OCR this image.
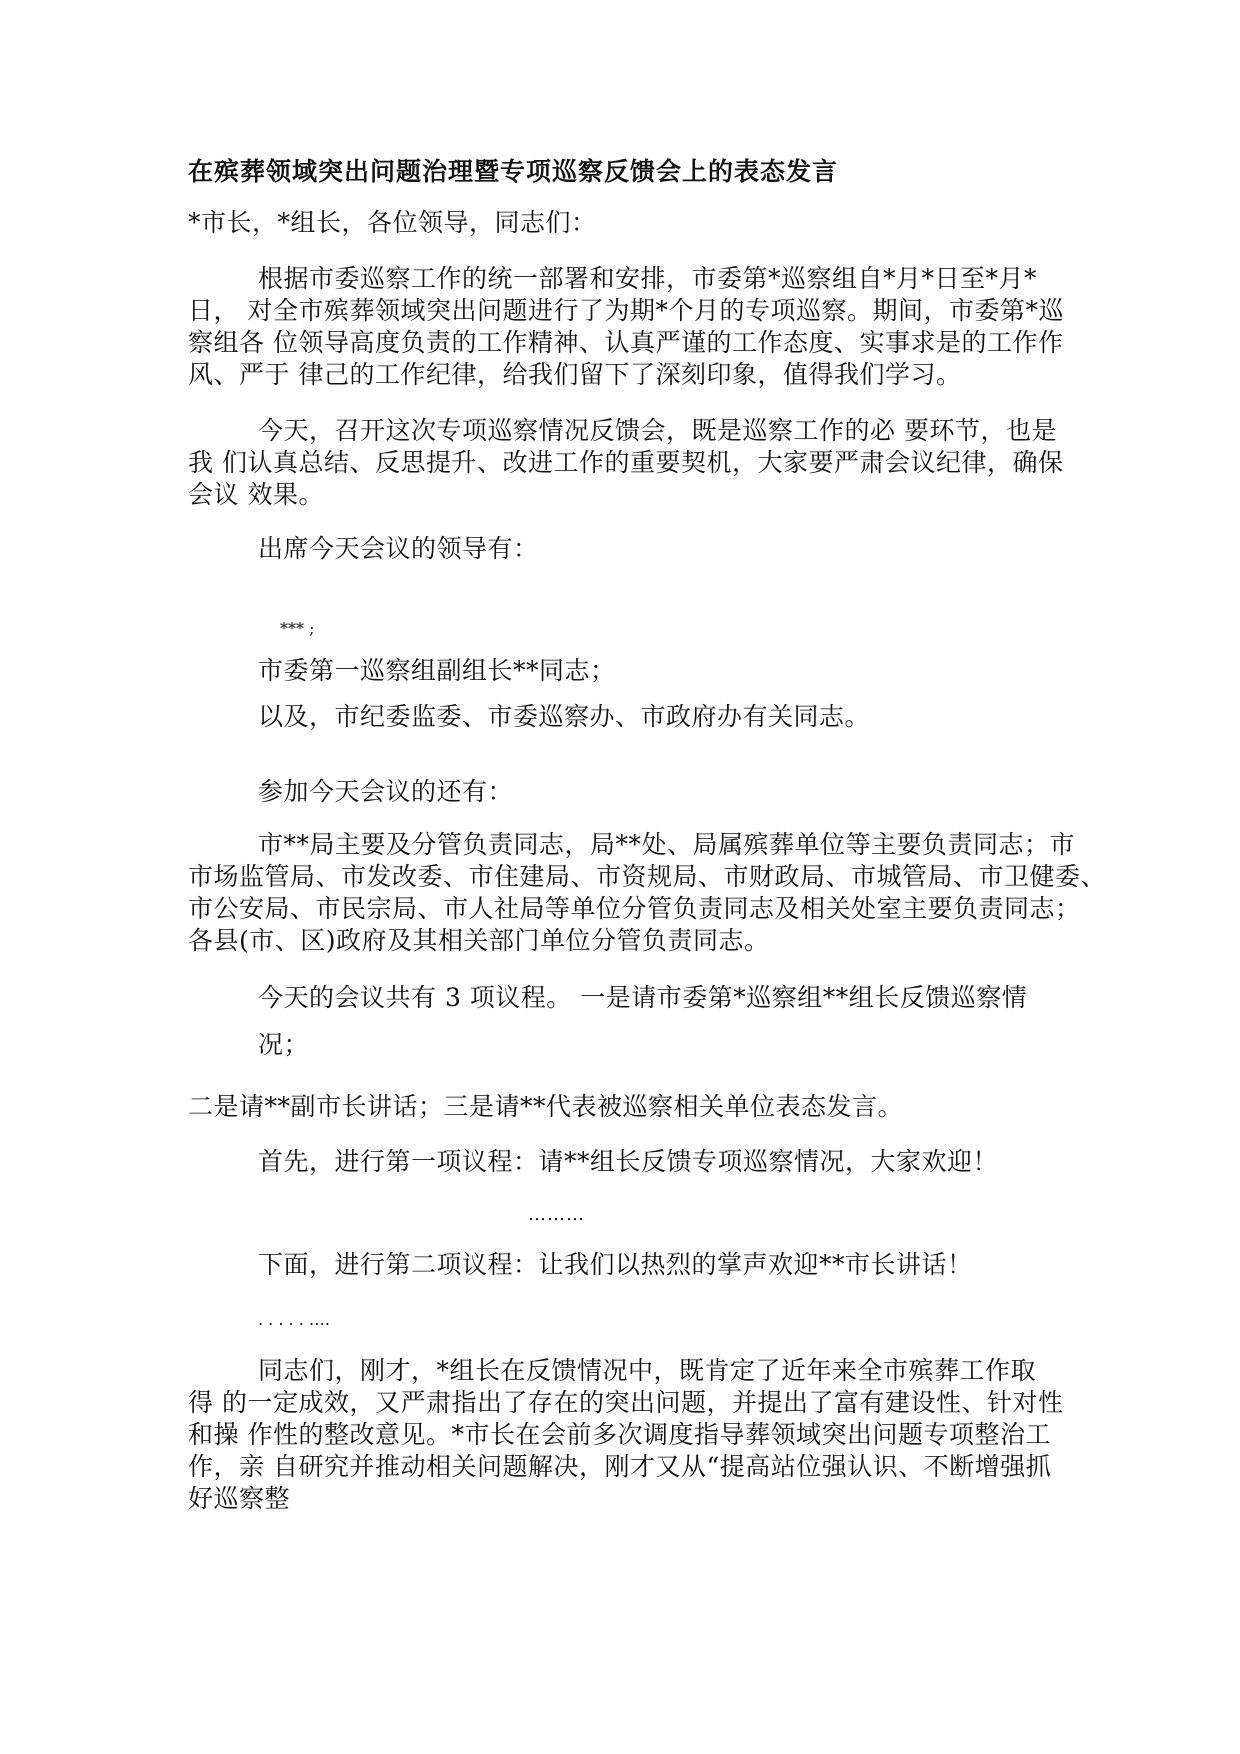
在殡葬领域突出问题治理暨专项巡察反馈会上的表态发言
*市长，*组长，各位领导，同志们：
根据市委巡察工作的统一部署和安排，市委第*巡察组自*月*日至*月*
日， 对全市殡葬领域突出问题进行了为期*个月的专项巡察。期间，市委第*巡
察组各 位领导高度负责的工作精神、认真严谨的工作态度、实事求是的工作作
风、严于 律己的工作纪律，给我们留下了深刻印象，值得我们学习。
今天，召开这次专项巡察情况反馈会，既是巡察工作的必 要环节，也是
我 们认真总结、反思提升、改进工作的重要契机，大家要严肃会议纪律，确保
会议 效果。
出席今天会议的领导有：
*** ;
市委第一巡察组副组长**同志；
以及，市纪委监委、市委巡察办、市政府办有关同志。
参加今天会议的还有：
市**局主要及分管负责同志，局**处、局属殡葬单位等主要负责同志；市
市场监管局、市发改委、市住建局、市资规局、市财政局、市城管局、市卫健委、
市公安局、市民宗局、市人社局等单位分管负责同志及相关处室主要负责同志；
各县(市、区)政府及其相关部门单位分管负责同志。
今天的会议共有 3 项议程。 一是请市委第*巡察组**组长反馈巡察情
况；
二是请**副市长讲话；三是请**代表被巡察相关单位表态发言。
首先，进行第一项议程：请**组长反馈专项巡察情况，大家欢迎！
………
下面，进行第二项议程：让我们以热烈的掌声欢迎**市长讲话！
. . . . . ….
同志们，刚才，*组长在反馈情况中，既肯定了近年来全市殡葬工作取
得 的一定成效，又严肃指出了存在的突出问题，并提出了富有建设性、针对性
和操 作性的整改意见。*市长在会前多次调度指导葬领域突出问题专项整治工
作，亲 自研究并推动相关问题解决，刚才又从“提高站位强认识、不断增强抓
好巡察整
